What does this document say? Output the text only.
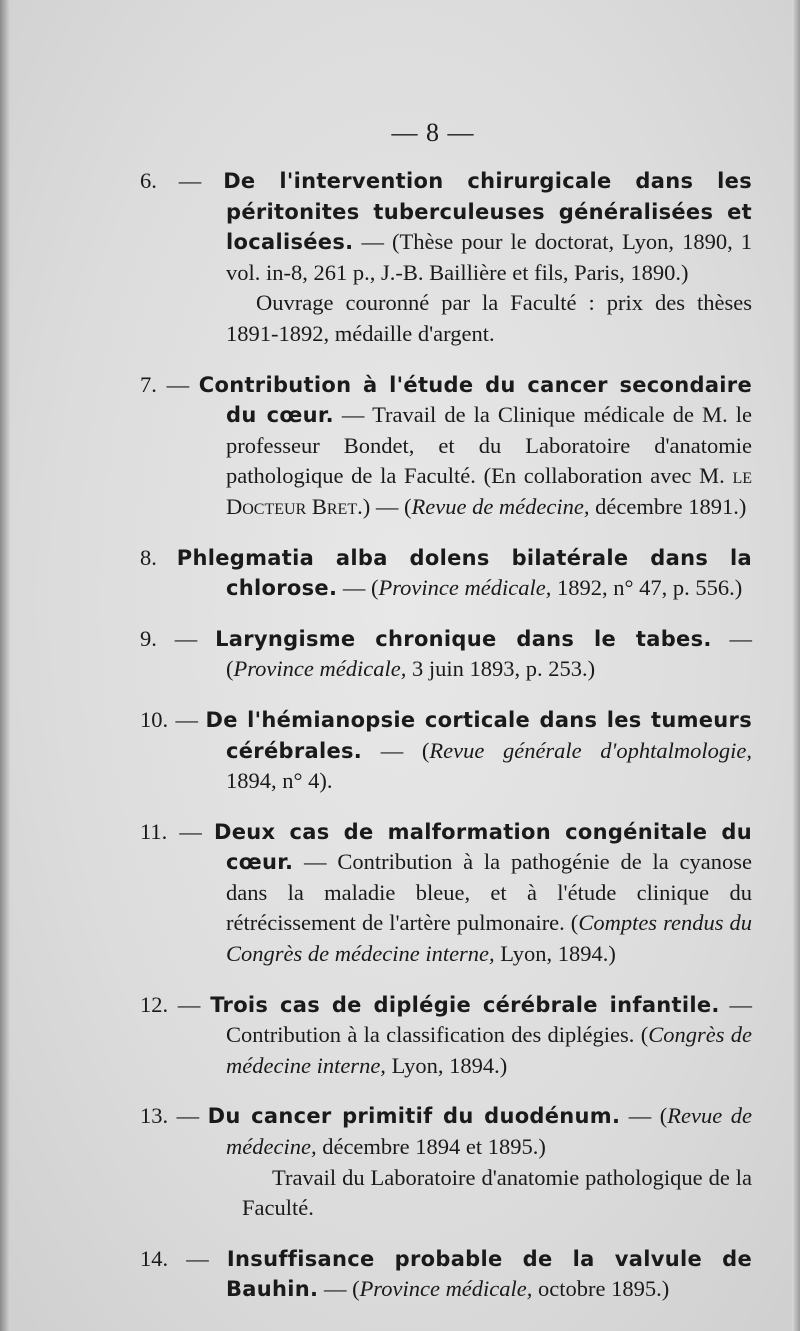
— 8 —

6. — De l'intervention chirurgicale dans les péritonites tuberculeuses généralisées et localisées. — (Thèse pour le doctorat, Lyon, 1890, 1 vol. in-8, 261 p., J.-B. Baillière et fils, Paris, 1890.)

Ouvrage couronné par la Faculté : prix des thèses 1891-1892, médaille d'argent.

7. — Contribution à l'étude du cancer secondaire du cœur. — Travail de la Clinique médicale de M. le professeur Bondet, et du Laboratoire d'anatomie pathologique de la Faculté. (En collaboration avec M. le Docteur Bret.) — (Revue de médecine, décembre 1891.)

8. Phlegmatia alba dolens bilatérale dans la chlorose. — (Province médicale, 1892, n° 47, p. 556.)

9. — Laryngisme chronique dans le tabes. — (Province médicale, 3 juin 1893, p. 253.)

10. — De l'hémianopsie corticale dans les tumeurs cérébrales. — (Revue générale d'ophtalmologie, 1894, n° 4).

11. — Deux cas de malformation congénitale du cœur. — Contribution à la pathogénie de la cyanose dans la maladie bleue, et à l'étude clinique du rétrécissement de l'artère pulmonaire. (Comptes rendus du Congrès de médecine interne, Lyon, 1894.)

12. — Trois cas de diplégie cérébrale infantile. — Contribution à la classification des diplégies. (Congrès de médecine interne, Lyon, 1894.)

13. — Du cancer primitif du duodénum. — (Revue de médecine, décembre 1894 et 1895.)

Travail du Laboratoire d'anatomie pathologique de la Faculté.

14. — Insuffisance probable de la valvule de Bauhin. — (Province médicale, octobre 1895.)
